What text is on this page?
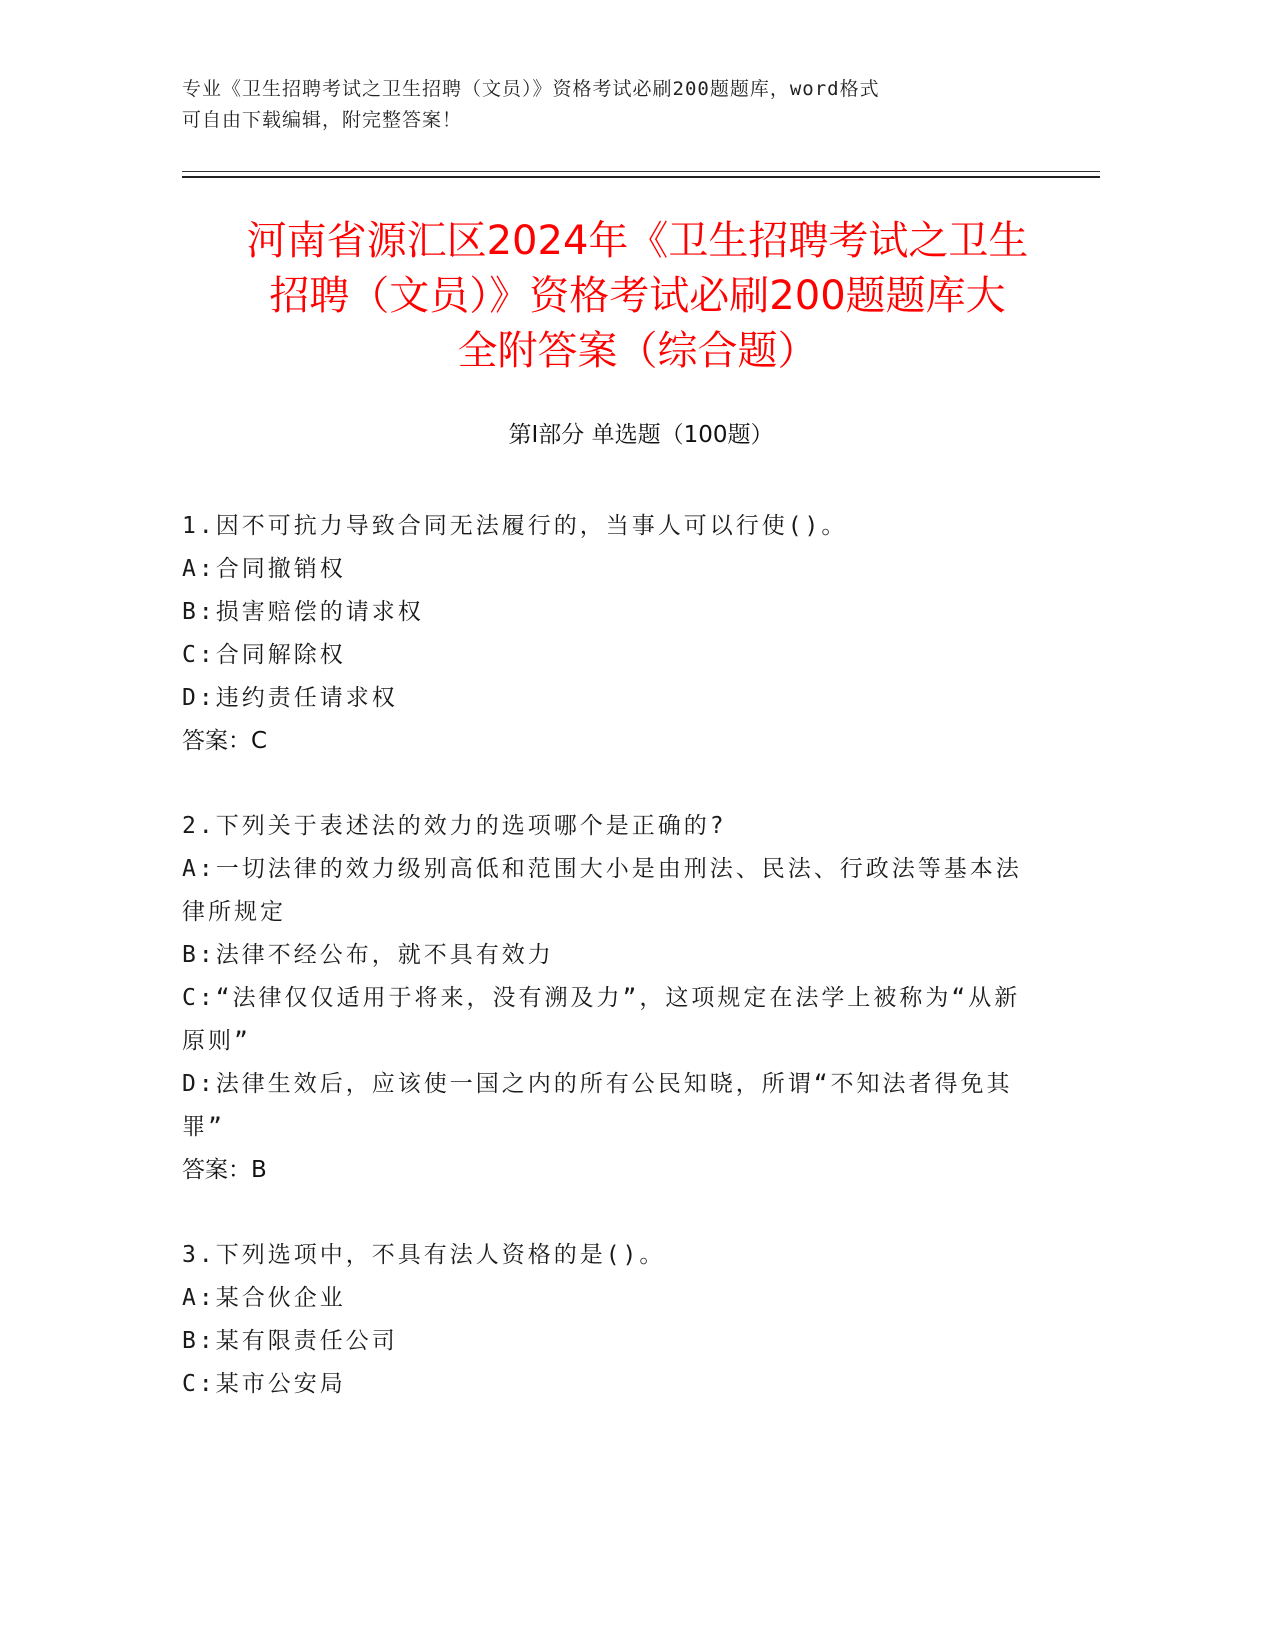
专业《卫生招聘考试之卫生招聘（文员）》资格考试必刷200题题库，word格式
可自由下载编辑，附完整答案！
河南省源汇区2024年《卫生招聘考试之卫生
招聘（文员）》资格考试必刷200题题库大
全附答案（综合题）
第Ⅰ部分 单选题（100题）
1.因不可抗力导致合同无法履行的，当事人可以行使()。
A:合同撤销权
B:损害赔偿的请求权
C:合同解除权
D:违约责任请求权
答案：C
2.下列关于表述法的效力的选项哪个是正确的?
A:一切法律的效力级别高低和范围大小是由刑法、民法、行政法等基本法律所规定
B:法律不经公布，就不具有效力
C:“法律仅仅适用于将来，没有溯及力”，这项规定在法学上被称为“从新原则”
D:法律生效后，应该使一国之内的所有公民知晓，所谓“不知法者得免其罪”
答案：B
3.下列选项中，不具有法人资格的是()。
A:某合伙企业
B:某有限责任公司
C:某市公安局
